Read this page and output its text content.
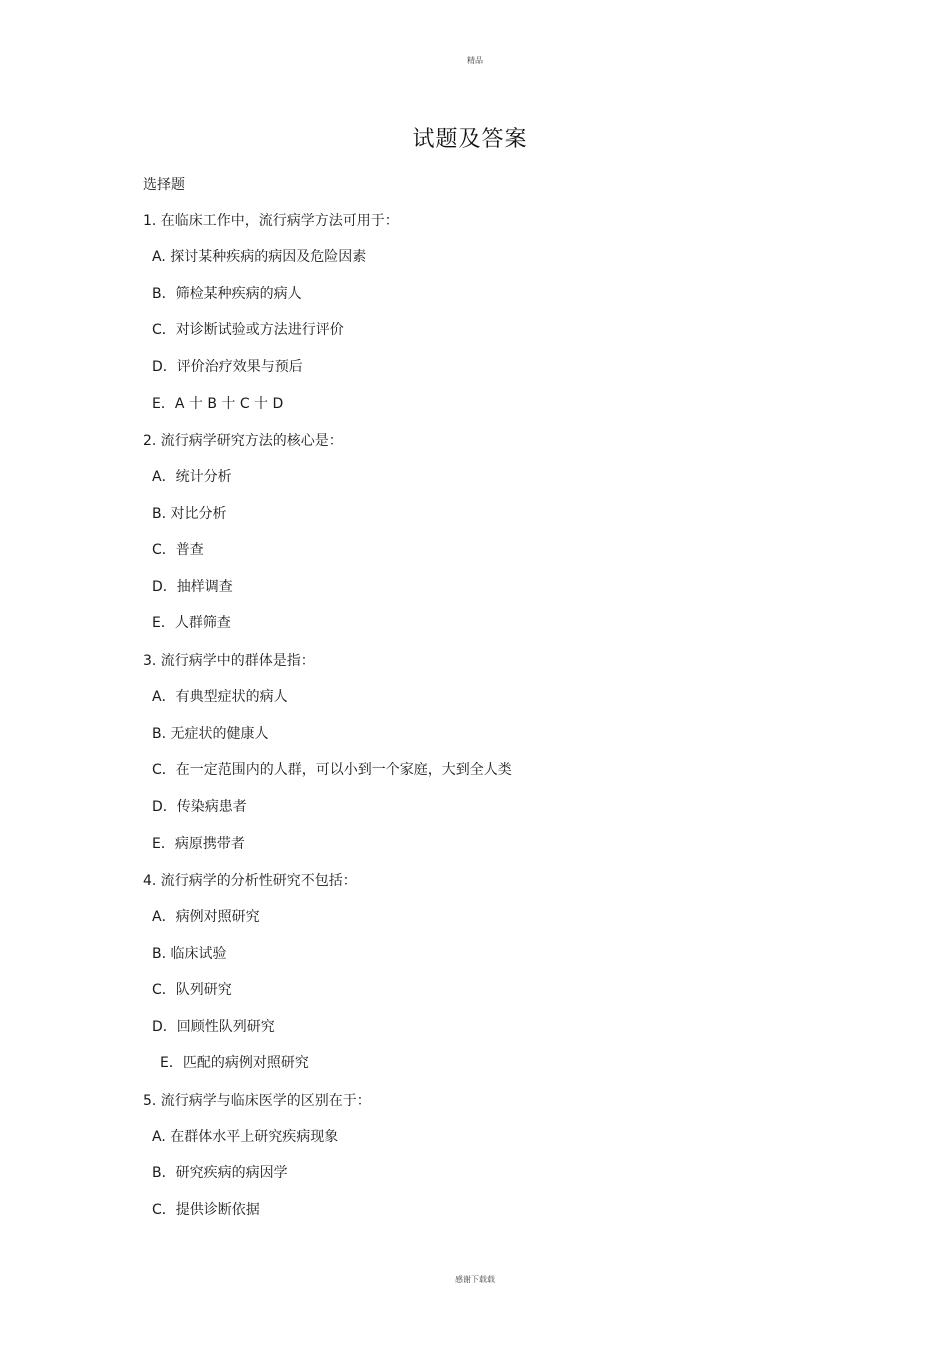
精品
试题及答案
选择题
1. 在临床工作中，流行病学方法可用于：
A. 探讨某种疾病的病因及危险因素
B．筛检某种疾病的病人
C．对诊断试验或方法进行评价
D．评价治疗效果与预后
E．A 十 B 十 C 十 D
2. 流行病学研究方法的核心是：
A．统计分析
B. 对比分析
C．普查
D．抽样调查
E．人群筛查
3. 流行病学中的群体是指：
A．有典型症状的病人
B. 无症状的健康人
C．在一定范围内的人群，可以小到一个家庭，大到全人类
D．传染病患者
E．病原携带者
4. 流行病学的分析性研究不包括：
A．病例对照研究
B. 临床试验
C．队列研究
D．回顾性队列研究
E．匹配的病例对照研究
5. 流行病学与临床医学的区别在于：
A. 在群体水平上研究疾病现象
B．研究疾病的病因学
C．提供诊断依据
感谢下载载
